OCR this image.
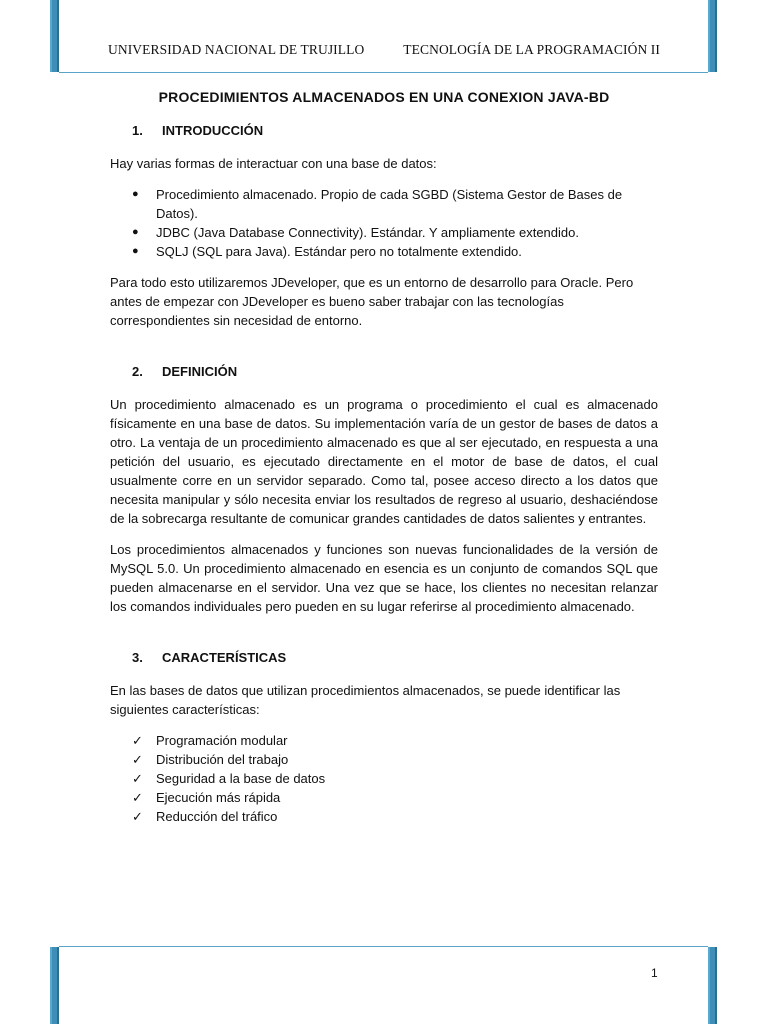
UNIVERSIDAD NACIONAL DE TRUJILLO	TECNOLOGÍA DE LA PROGRAMACIÓN II
PROCEDIMIENTOS ALMACENADOS EN UNA CONEXION JAVA-BD
1. INTRODUCCIÓN

Hay varias formas de interactuar con una base de datos:

● Procedimiento almacenado. Propio de cada SGBD (Sistema Gestor de Bases de Datos).
● JDBC (Java Database Connectivity). Estándar. Y ampliamente extendido.
● SQLJ (SQL para Java). Estándar pero no totalmente extendido.

Para todo esto utilizaremos JDeveloper, que es un entorno de desarrollo para Oracle. Pero antes de empezar con JDeveloper es bueno saber trabajar con las tecnologías correspondientes sin necesidad de entorno.

2. DEFINICIÓN

Un procedimiento almacenado es un programa o procedimiento el cual es almacenado físicamente en una base de datos. Su implementación varía de un gestor de bases de datos a otro. La ventaja de un procedimiento almacenado es que al ser ejecutado, en respuesta a una petición del usuario, es ejecutado directamente en el motor de base de datos, el cual usualmente corre en un servidor separado. Como tal, posee acceso directo a los datos que necesita manipular y sólo necesita enviar los resultados de regreso al usuario, deshaciéndose de la sobrecarga resultante de comunicar grandes cantidades de datos salientes y entrantes.

Los procedimientos almacenados y funciones son nuevas funcionalidades de la versión de MySQL 5.0. Un procedimiento almacenado en esencia es un conjunto de comandos SQL que pueden almacenarse en el servidor. Una vez que se hace, los clientes no necesitan relanzar los comandos individuales pero pueden en su lugar referirse al procedimiento almacenado.

3. CARACTERÍSTICAS

En las bases de datos que utilizan procedimientos almacenados, se puede identificar las siguientes características:

✓ Programación modular
✓ Distribución del trabajo
✓ Seguridad a la base de datos
✓ Ejecución más rápida
✓ Reducción del tráfico
1
